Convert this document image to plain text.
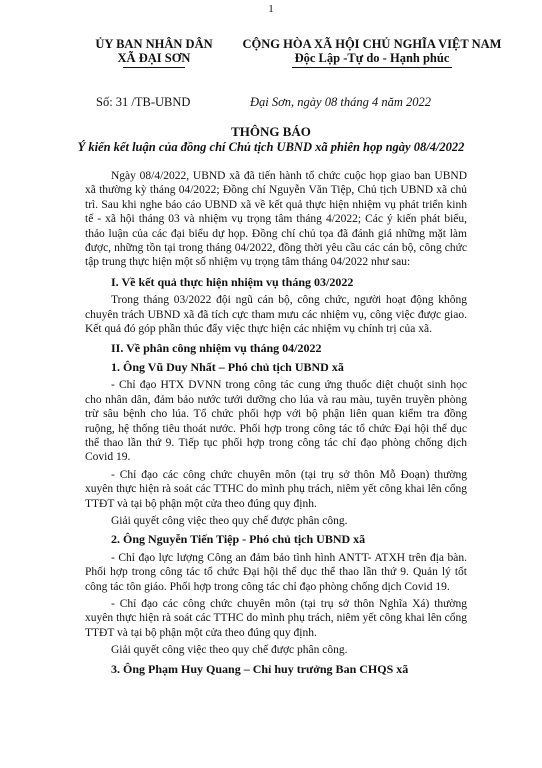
1
ỦY BAN NHÂN DÂN
XÃ ĐẠI SƠN
CỘNG HÒA XÃ HỘI CHỦ NGHĨA VIỆT NAM
Độc Lập -Tự do - Hạnh phúc
Số: 31 /TB-UBND	Đại Sơn, ngày 08 tháng 4 năm 2022
THÔNG BÁO
Ý kiến kết luận của đồng chí Chủ tịch UBND xã phiên họp ngày 08/4/2022

Ngày 08/4/2022, UBND xã đã tiến hành tổ chức cuộc họp giao ban UBND xã thường kỳ tháng 04/2022; Đồng chí Nguyễn Văn Tiệp, Chủ tịch UBND xã chủ trì. Sau khi nghe báo cáo UBND xã về kết quả thực hiện nhiệm vụ phát triển kinh tế - xã hội tháng 03 và nhiệm vụ trọng tâm tháng 4/2022; Các ý kiến phát biểu, thảo luận của các đại biểu dự họp. Đồng chí chủ tọa đã đánh giá những mặt làm được, những tồn tại trong tháng 04/2022, đồng thời yêu cầu các cán bộ, công chức tập trung thực hiện một số nhiệm vụ trọng tâm tháng 04/2022 như sau:

I. Về kết quả thực hiện nhiệm vụ tháng 03/2022

Trong tháng 03/2022 đội ngũ cán bộ, công chức, người hoạt động không chuyên trách UBND xã đã tích cực tham mưu các nhiệm vụ, công việc được giao. Kết quả đó góp phần thúc đẩy việc thực hiện các nhiệm vụ chính trị của xã.

II. Về phân công nhiệm vụ tháng 04/2022
1. Ông Vũ Duy Nhất – Phó chủ tịch UBND xã

- Chỉ đạo HTX DVNN trong công tác cung ứng thuốc diệt chuột sinh học cho nhân dân, đảm bảo nước tưới dưỡng cho lúa và rau màu, tuyên truyền phòng trừ sâu bệnh cho lúa. Tổ chức phối hợp với bộ phận liên quan kiểm tra đồng ruộng, hệ thống tiêu thoát nước. Phối hợp trong công tác tổ chức Đại hội thể dục thể thao lần thứ 9. Tiếp tục phối hợp trong công tác chỉ đạo phòng chống dịch Covid 19.

- Chỉ đạo các công chức chuyên môn (tại trụ sở thôn Mỗ Đoạn) thường xuyên thực hiện rà soát các TTHC do mình phụ trách, niêm yết công khai lên cổng TTĐT và tại bộ phận một cửa theo đúng quy định.

Giải quyết công việc theo quy chế được phân công.

2. Ông Nguyễn Tiến Tiệp - Phó chủ tịch UBND xã

- Chỉ đạo lực lượng Công an đảm bảo tình hình ANTT- ATXH trên địa bàn. Phối hợp trong công tác tổ chức Đại hội thể dục thể thao lần thứ 9. Quản lý tốt công tác tôn giáo. Phối hợp trong công tác chỉ đạo phòng chống dịch Covid 19.

- Chỉ đạo các công chức chuyên môn (tại trụ sở thôn Nghĩa Xá) thường xuyên thực hiện rà soát các TTHC do mình phụ trách, niêm yết công khai lên cổng TTĐT và tại bộ phận một cửa theo đúng quy định.

Giải quyết công việc theo quy chế được phân công.

3. Ông Phạm Huy Quang – Chỉ huy trưởng Ban CHQS xã
